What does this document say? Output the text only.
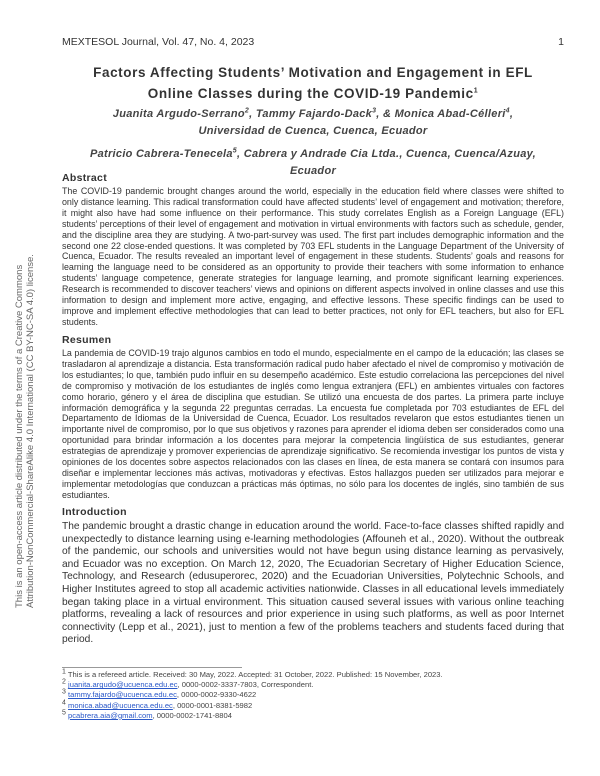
MEXTESOL Journal, Vol. 47, No. 4, 2023	1
This is an open-access article distributed under the terms of a Creative Commons Attribution-NonCommercial-ShareAlike 4.0 International (CC BY-NC-SA 4.0) license.
Factors Affecting Students’ Motivation and Engagement in EFL
Online Classes during the COVID-19 Pandemic$^1$
Juanita Argudo-Serrano$^2$, Tammy Fajardo-Dack$^3$, & Monica Abad-Célleri$^4$,
Universidad de Cuenca, Cuenca, Ecuador
Patricio Cabrera-Tenecela$^5$, Cabrera y Andrade Cia Ltda., Cuenca, Cuenca/Azuay,
Ecuador
Abstract
The COVID-19 pandemic brought changes around the world, especially in the education field where classes were shifted to only distance learning. This radical transformation could have affected students’ level of engagement and motivation; therefore, it might also have had some influence on their performance. This study correlates English as a Foreign Language (EFL) students’ perceptions of their level of engagement and motivation in virtual environments with factors such as schedule, gender, and the discipline area they are studying. A two-part-survey was used. The first part includes demographic information and the second one 22 close-ended questions. It was completed by 703 EFL students in the Language Department of the University of Cuenca, Ecuador. The results revealed an important level of engagement in these students. Students’ goals and reasons for learning the language need to be considered as an opportunity to provide their teachers with some information to enhance students’ language competence, generate strategies for language learning, and promote significant learning experiences. Research is recommended to discover teachers’ views and opinions on different aspects involved in online classes and use this information to design and implement more active, engaging, and effective lessons. These specific findings can be used to improve and implement effective methodologies that can lead to better practices, not only for EFL teachers, but also for EFL students.
Resumen
La pandemia de COVID-19 trajo algunos cambios en todo el mundo, especialmente en el campo de la educación; las clases se trasladaron al aprendizaje a distancia. Esta transformación radical pudo haber afectado el nivel de compromiso y motivación de los estudiantes; lo que, también pudo influir en su desempeño académico. Este estudio correlaciona las percepciones del nivel de compromiso y motivación de los estudiantes de inglés como lengua extranjera (EFL) en ambientes virtuales con factores como horario, género y el área de disciplina que estudian. Se utilizó una encuesta de dos partes. La primera parte incluye información demográfica y la segunda 22 preguntas cerradas. La encuesta fue completada por 703 estudiantes de EFL del Departamento de Idiomas de la Universidad de Cuenca, Ecuador. Los resultados revelaron que estos estudiantes tienen un importante nivel de compromiso, por lo que sus objetivos y razones para aprender el idioma deben ser considerados como una oportunidad para brindar información a los docentes para mejorar la competencia lingüística de sus estudiantes, generar estrategias de aprendizaje y promover experiencias de aprendizaje significativo. Se recomienda investigar los puntos de vista y opiniones de los docentes sobre aspectos relacionados con las clases en línea, de esta manera se contará con insumos para diseñar e implementar lecciones más activas, motivadoras y efectivas. Estos hallazgos pueden ser utilizados para mejorar e implementar metodologías que conduzcan a prácticas más óptimas, no sólo para los docentes de inglés, sino también de sus estudiantes.
Introduction
The pandemic brought a drastic change in education around the world. Face-to-face classes shifted rapidly and unexpectedly to distance learning using e-learning methodologies (Affouneh et al., 2020). Without the outbreak of the pandemic, our schools and universities would not have begun using distance learning as pervasively, and Ecuador was no exception. On March 12, 2020, The Ecuadorian Secretary of Higher Education Science, Technology, and Research (edusuperorec, 2020) and the Ecuadorian Universities, Polytechnic Schools, and Higher Institutes agreed to stop all academic activities nationwide. Classes in all educational levels immediately began taking place in a virtual environment. This situation caused several issues with various online teaching platforms, revealing a lack of resources and prior experience in using such platforms, as well as poor Internet connectivity (Lepp et al., 2021), just to mention a few of the problems teachers and students faced during that period.
1 This is a refereed article. Received: 30 May, 2022. Accepted: 31 October, 2022. Published: 15 November, 2023.
2 juanita.argudo@ucuenca.edu.ec, 0000-0002-3337-7803, Correspondent.
3 tammy.fajardo@ucuenca.edu.ec, 0000-0002-9330-4622
4 monica.abad@ucuenca.edu.ec, 0000-0001-8381-5982
5 pcabrera.aia@gmail.com, 0000-0002-1741-8804
